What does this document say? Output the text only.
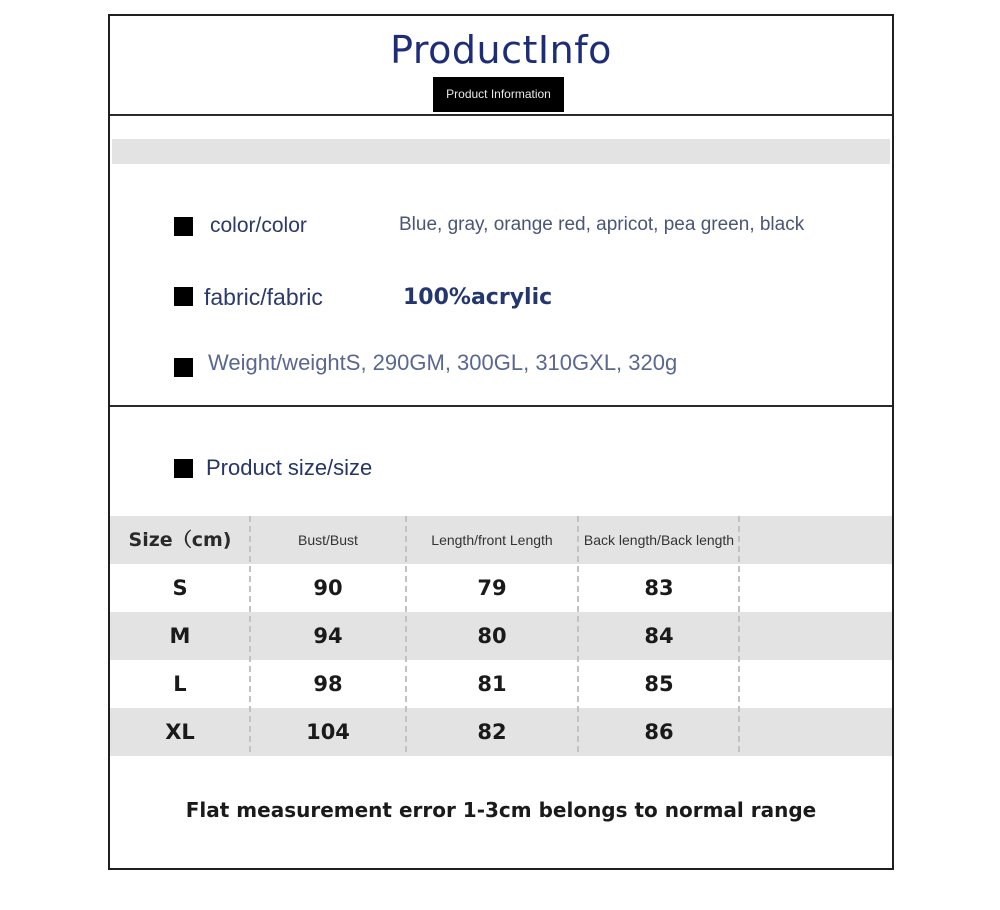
ProductInfo
Product Information
color/color	Blue, gray, orange red, apricot, pea green, black
fabric/fabric	100%acrylic
Weight/weightS, 290GM, 300GL, 310GXL, 320g
Product size/size
Size（cm)	Bust/Bust	Length/front Length	Back length/Back length
S	90	79	83
M	94	80	84
L	98	81	85
XL	104	82	86
Flat measurement error 1-3cm belongs to normal range
